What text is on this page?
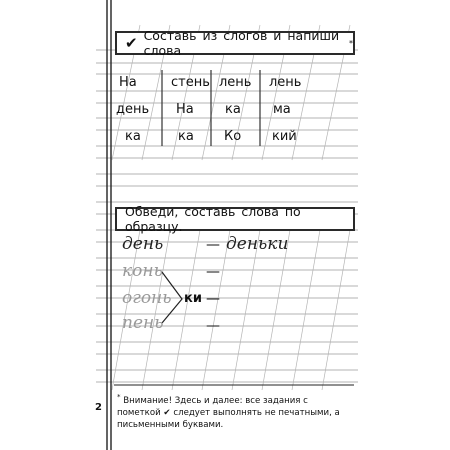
✔ Составь из слогов и напиши слова	*
На	стень лень лень
день На ка ма
ка	ка Ко кий
Обведи, составь слова по образцу.
день	— деньки
конь	—
огонь ки —
пень	—
2
* Внимание! Здесь и далее: все задания с пометкой ✔ следует выполнять не печатными, а письменными буквами.
